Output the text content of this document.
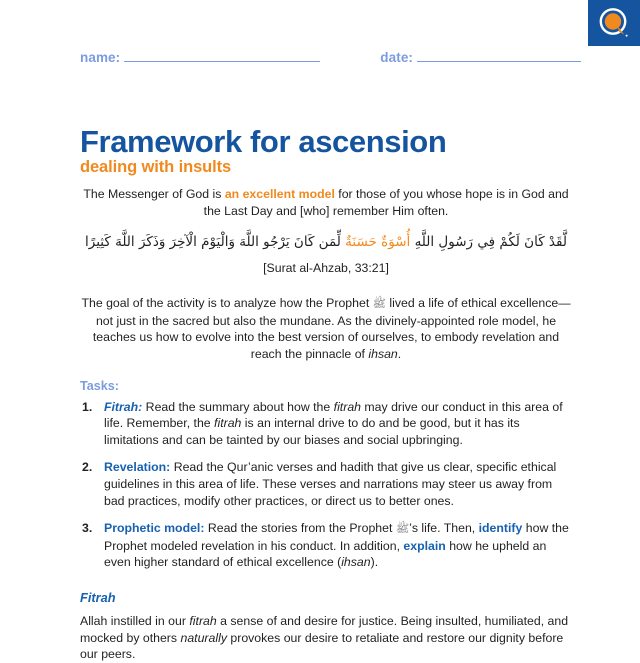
name:	date:
Framework for ascension
dealing with insults

The Messenger of God is an excellent model for those of you whose hope is in God and the Last Day and [who] remember Him often.

لَّقَدْ كَانَ لَكُمْ فِي رَسُولِ اللَّهِ أُسْوَةٌ حَسَنَةٌ لِّمَن كَانَ يَرْجُو اللَّهَ وَالْيَوْمَ الْآخِرَ وَذَكَرَ اللَّهَ كَثِيرًا

[Surat al-Ahzab, 33:21]

The goal of the activity is to analyze how the Prophet ﷺ lived a life of ethical excellence—not just in the sacred but also the mundane. As the divinely-appointed role model, he teaches us how to evolve into the best version of ourselves, to embody revelation and reach the pinnacle of ihsan.

Tasks:
Fitrah: Read the summary about how the fitrah may drive our conduct in this area of life. Remember, the fitrah is an internal drive to do and be good, but it has its limitations and can be tainted by our biases and social upbringing.
Revelation: Read the Qur’anic verses and hadith that give us clear, specific ethical guidelines in this area of life. These verses and narrations may steer us away from bad practices, modify other practices, or direct us to better ones.
Prophetic model: Read the stories from the Prophet ﷺ’s life. Then, identify how the Prophet modeled revelation in his conduct. In addition, explain how he upheld an even higher standard of ethical excellence (ihsan).
Fitrah

Allah instilled in our fitrah a sense of and desire for justice. Being insulted, humiliated, and mocked by others naturally provokes our desire to retaliate and restore our dignity before our peers.
